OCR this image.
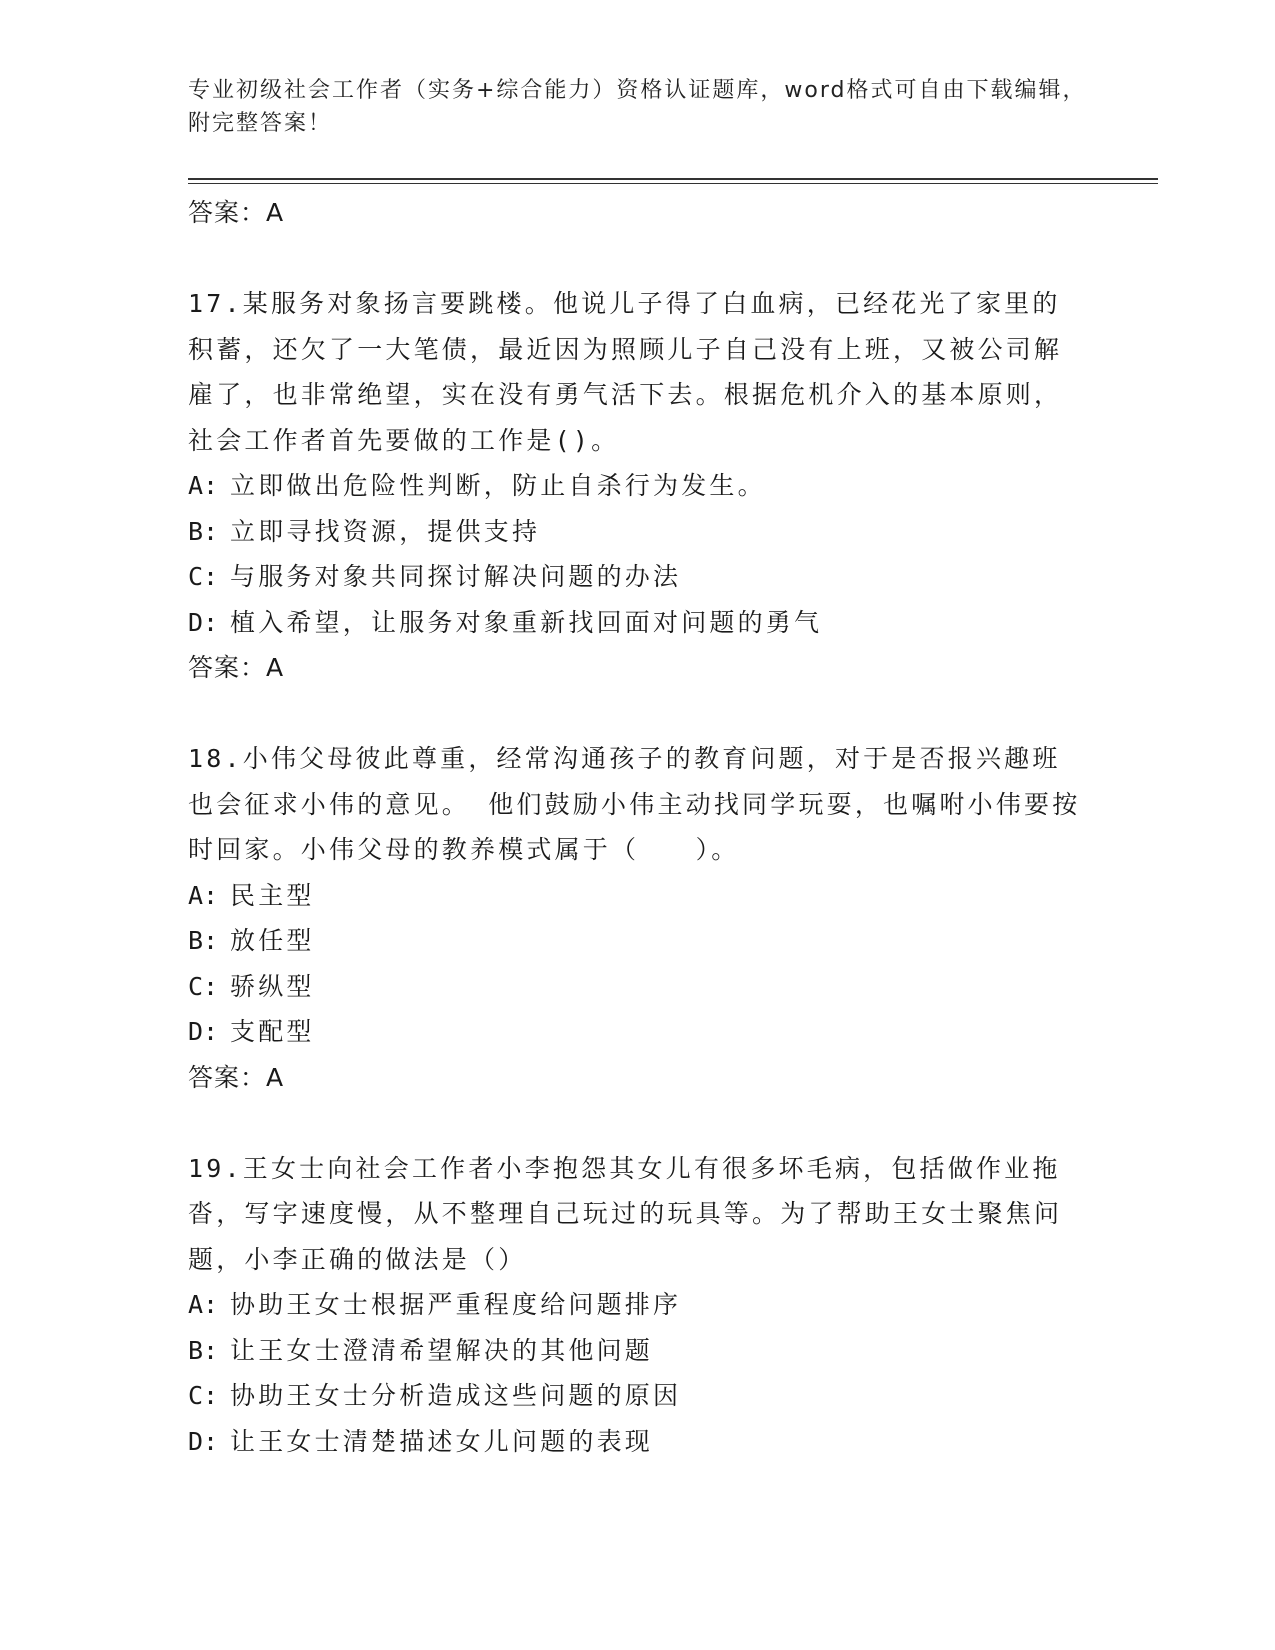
专业初级社会工作者（实务+综合能力）资格认证题库，word格式可自由下载编辑，附完整答案！
答案：A
17.某服务对象扬言要跳楼。他说儿子得了白血病，已经花光了家里的积蓄，还欠了一大笔债，最近因为照顾儿子自己没有上班，又被公司解雇了，也非常绝望，实在没有勇气活下去。根据危机介入的基本原则，社会工作者首先要做的工作是()。
A: 立即做出危险性判断，防止自杀行为发生。
B: 立即寻找资源，提供支持
C: 与服务对象共同探讨解决问题的办法
D: 植入希望，让服务对象重新找回面对问题的勇气
答案：A
18.小伟父母彼此尊重，经常沟通孩子的教育问题，对于是否报兴趣班也会征求小伟的意见。 他们鼓励小伟主动找同学玩耍，也嘱咐小伟要按时回家。小伟父母的教养模式属于（　　）。
A: 民主型
B: 放任型
C: 骄纵型
D: 支配型
答案：A
19.王女士向社会工作者小李抱怨其女儿有很多坏毛病，包括做作业拖沓，写字速度慢，从不整理自己玩过的玩具等。为了帮助王女士聚焦问题，小李正确的做法是（）
A: 协助王女士根据严重程度给问题排序
B: 让王女士澄清希望解决的其他问题
C: 协助王女士分析造成这些问题的原因
D: 让王女士清楚描述女儿问题的表现
